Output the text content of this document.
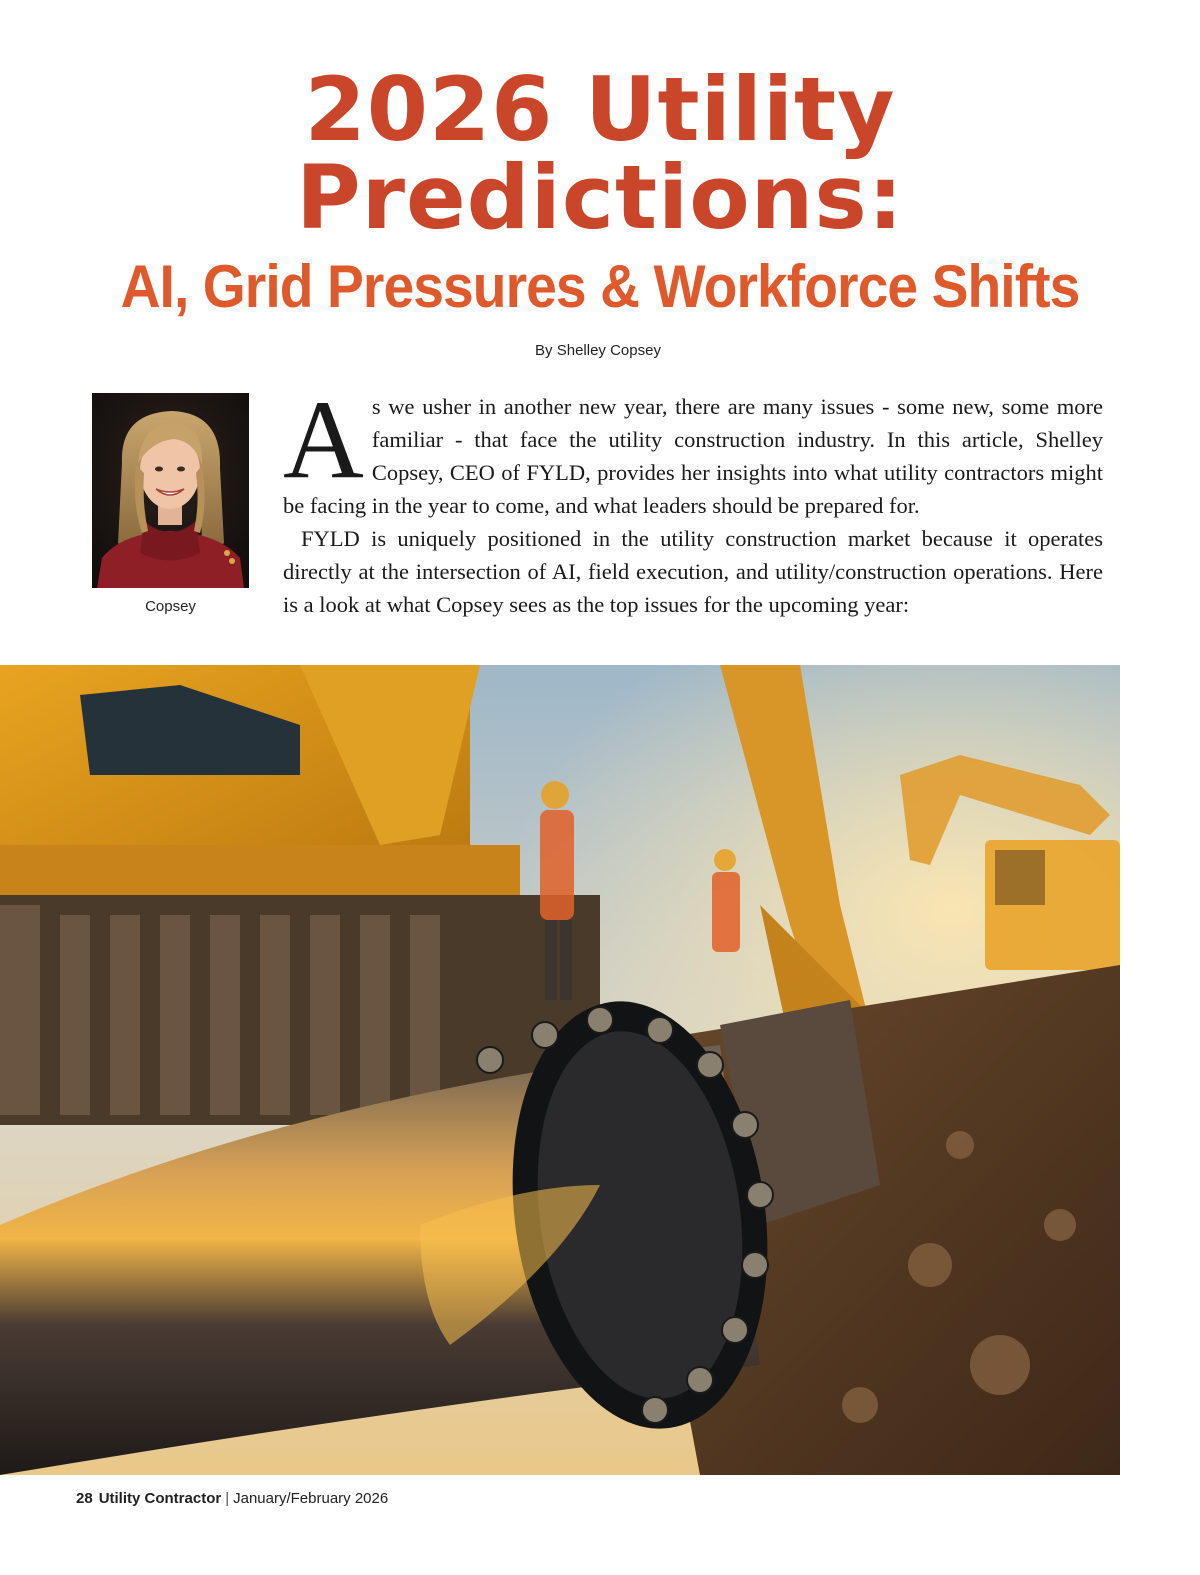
2026 Utility Predictions:
AI, Grid Pressures & Workforce Shifts
By Shelley Copsey
Copsey

As we usher in another new year, there are many issues - some new, some more familiar - that face the utility construction industry. In this article, Shelley Copsey, CEO of FYLD, provides her insights into what utility contractors might be facing in the year to come, and what leaders should be prepared for.

FYLD is uniquely positioned in the utility construction market because it operates directly at the intersection of AI, field execution, and utility/construction operations. Here is a look at what Copsey sees as the top issues for the upcoming year:

28 Utility Contractor | January/February 2026
